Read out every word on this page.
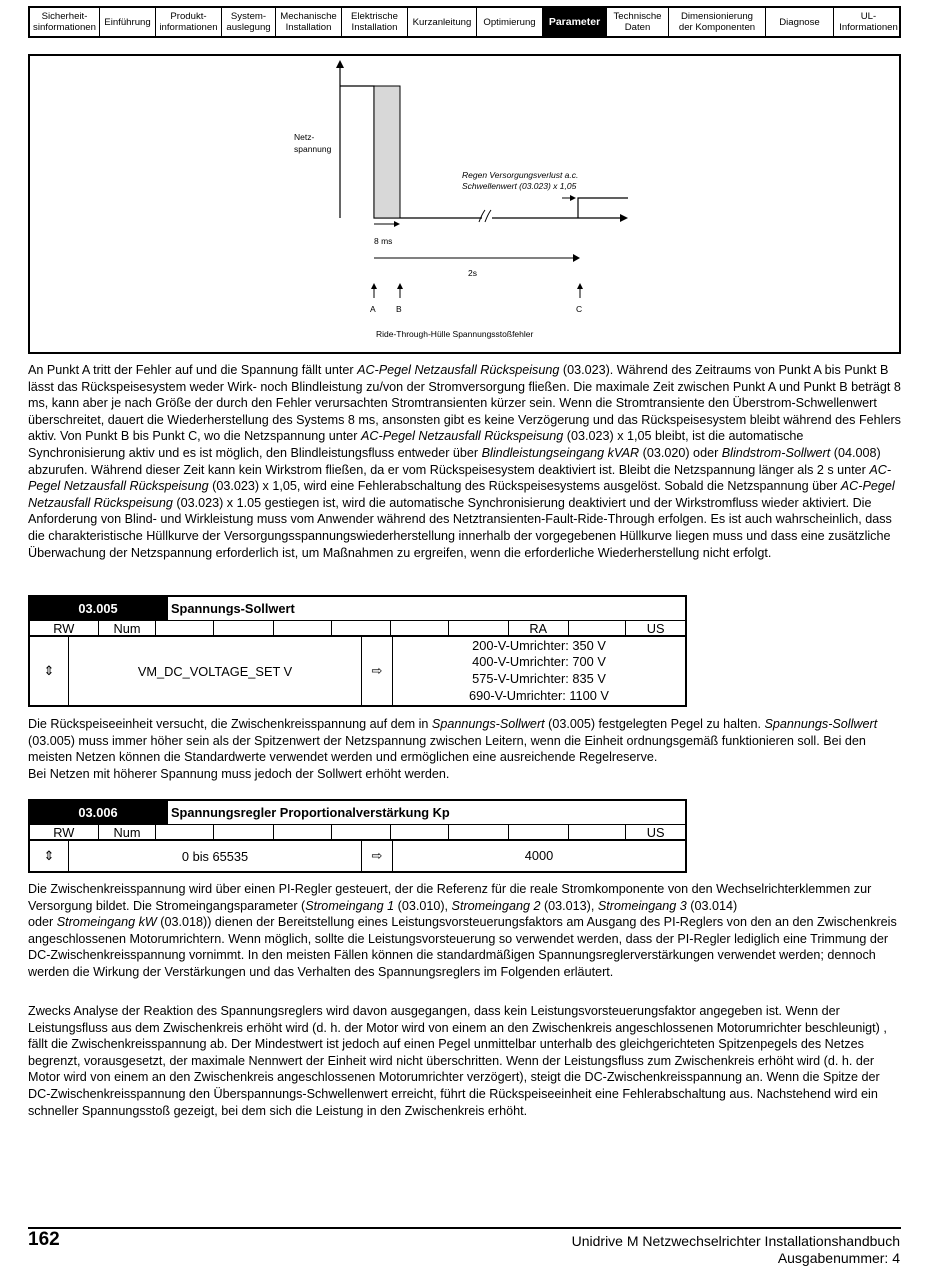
Sicherheit-
sinformationen Einführung	Produkt-
informationen
System-
auslegung
Mechanische
Installation
Elektrische
Installation	Kurzanleitung	Optimierung	Parameter	Technische
Daten
Dimensionierung
der Komponenten	Diagnose	UL-
Informationen
Netz-
spannung
Regen Versorgungsverlust a.c.
Schwellenwert (03.023) x 1,05
8 ms
2s
A B	C
Ride-Through-Hülle Spannungsstoßfehler
An Punkt A tritt der Fehler auf und die Spannung fällt unter AC-Pegel Netzausfall Rückspeisung (03.023). Während des Zeitraums von Punkt A bis Punkt B lässt das Rückspeisesystem weder Wirk- noch Blindleistung zu/von der Stromversorgung fließen. Die maximale Zeit zwischen Punkt A und Punkt B beträgt 8 ms, kann aber je nach Größe der durch den Fehler verursachten Stromtransienten kürzer sein. Wenn die Stromtransiente den Überstrom-Schwellenwert überschreitet, dauert die Wiederherstellung des Systems 8 ms, ansonsten gibt es keine Verzögerung und das Rückspeisesystem bleibt während des Fehlers aktiv. Von Punkt B bis Punkt C, wo die Netzspannung unter AC-Pegel Netzausfall Rückspeisung (03.023) x 1,05 bleibt, ist die automatische Synchronisierung aktiv und es ist möglich, den Blindleistungsfluss entweder über Blindleistungseingang kVAR (03.020) oder Blindstrom-Sollwert (04.008) abzurufen. Während dieser Zeit kann kein Wirkstrom fließen, da er vom Rückspeisesystem deaktiviert ist. Bleibt die Netzspannung länger als 2 s unter AC-Pegel Netzausfall Rückspeisung (03.023) x 1,05, wird eine Fehlerabschaltung des Rückspeisesystems ausgelöst. Sobald die Netzspannung über AC-Pegel Netzausfall Rückspeisung (03.023) x 1.05 gestiegen ist, wird die automatische Synchronisierung deaktiviert und der Wirkstromfluss wieder aktiviert. Die Anforderung von Blind- und Wirkleistung muss vom Anwender während des Netztransienten-Fault-Ride-Through erfolgen. Es ist auch wahrscheinlich, dass die charakteristische Hüllkurve der Versorgungsspannungswiederherstellung innerhalb der vorgegebenen Hüllkurve liegen muss und dass eine zusätzliche Überwachung der Netzspannung erforderlich ist, um Maßnahmen zu ergreifen, wenn die erforderliche Wiederherstellung nicht erfolgt.
03.005	Spannungs-Sollwert
RW	Num	RA	US
⇕	VM_DC_VOLTAGE_SET V	⇨
200-V-Umrichter: 350 V
400-V-Umrichter: 700 V
575-V-Umrichter: 835 V
690-V-Umrichter: 1100 V
Die Rückspeiseeinheit versucht, die Zwischenkreisspannung auf dem in Spannungs-Sollwert (03.005) festgelegten Pegel zu halten. Spannungs-Sollwert (03.005) muss immer höher sein als der Spitzenwert der Netzspannung zwischen Leitern, wenn die Einheit ordnungsgemäß funktionieren soll. Bei den meisten Netzen können die Standardwerte verwendet werden und ermöglichen eine ausreichende Regelreserve.
Bei Netzen mit höherer Spannung muss jedoch der Sollwert erhöht werden.
03.006	Spannungsregler Proportionalverstärkung Kp
RW	Num	US
⇕	0 bis 65535	⇨	4000
Die Zwischenkreisspannung wird über einen PI-Regler gesteuert, der die Referenz für die reale Stromkomponente von den Wechselrichterklemmen zur Versorgung bildet. Die Stromeingangsparameter (Stromeingang 1 (03.010), Stromeingang 2 (03.013), Stromeingang 3 (03.014)
oder Stromeingang kW (03.018)) dienen der Bereitstellung eines Leistungsvorsteuerungsfaktors am Ausgang des PI-Reglers von den an den Zwischenkreis angeschlossenen Motorumrichtern. Wenn möglich, sollte die Leistungsvorsteuerung so verwendet werden, dass der PI-Regler lediglich eine Trimmung der DC-Zwischenkreisspannung vornimmt. In den meisten Fällen können die standardmäßigen Spannungsreglerverstärkungen verwendet werden; dennoch werden die Wirkung der Verstärkungen und das Verhalten des Spannungsreglers im Folgenden erläutert.
Zwecks Analyse der Reaktion des Spannungsreglers wird davon ausgegangen, dass kein Leistungsvorsteuerungsfaktor angegeben ist. Wenn der Leistungsfluss aus dem Zwischenkreis erhöht wird (d. h. der Motor wird von einem an den Zwischenkreis angeschlossenen Motorumrichter beschleunigt) , fällt die Zwischenkreisspannung ab. Der Mindestwert ist jedoch auf einen Pegel unmittelbar unterhalb des gleichgerichteten Spitzenpegels des Netzes begrenzt, vorausgesetzt, der maximale Nennwert der Einheit wird nicht überschritten. Wenn der Leistungsfluss zum Zwischenkreis erhöht wird (d. h. der Motor wird von einem an den Zwischenkreis angeschlossenen Motorumrichter verzögert), steigt die DC-Zwischenkreisspannung an. Wenn die Spitze der DC-Zwischenkreisspannung den Überspannungs-Schwellenwert erreicht, führt die Rückspeiseeinheit eine Fehlerabschaltung aus. Nachstehend wird ein schneller Spannungsstoß gezeigt, bei dem sich die Leistung in den Zwischenkreis erhöht.
162	Unidrive M Netzwechselrichter Installationshandbuch
Ausgabenummer: 4
